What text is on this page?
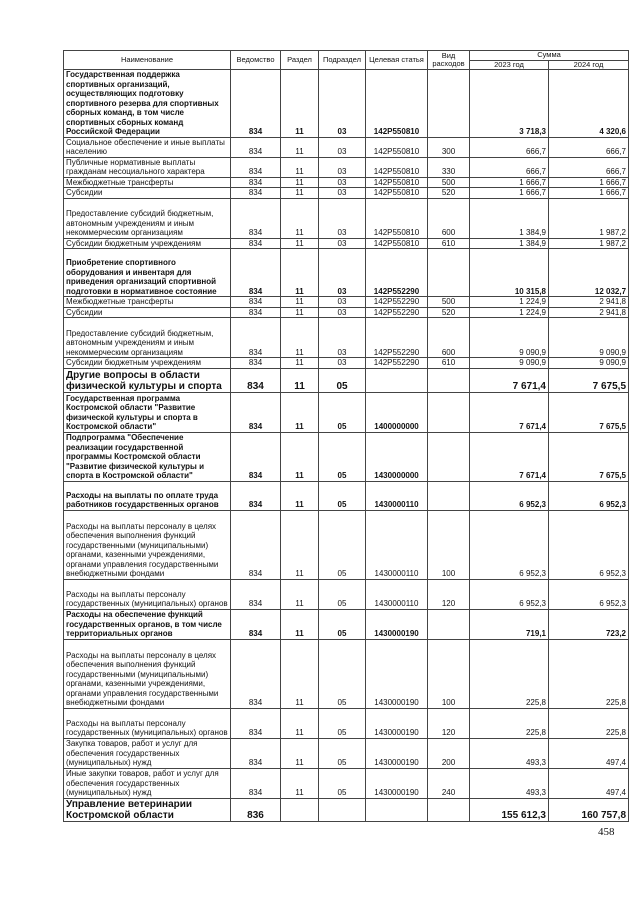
Наименование	Ведомство	Раздел	Подраздел	Целевая статья	Вид расходов	Сумма	
						2023 год	2024 год
Государственная поддержка спортивных организаций, осуществляющих подготовку спортивного резерва для спортивных сборных команд, в том числе спортивных сборных команд Российской Федерации	834	11	03	142P550810		3 718,3	4 320,6
Социальное обеспечение и иные выплаты населению	834	11	03	142P550810	300	666,7	666,7
Публичные нормативные выплаты гражданам несоциального характера	834	11	03	142P550810	330	666,7	666,7
Межбюджетные трансферты	834	11	03	142P550810	500	1 666,7	1 666,7
Субсидии	834	11	03	142P550810	520	1 666,7	1 666,7
Предоставление субсидий бюджетным, автономным учреждениям и иным некоммерческим организациям	834	11	03	142P550810	600	1 384,9	1 987,2
Субсидии бюджетным учреждениям	834	11	03	142P550810	610	1 384,9	1 987,2
Приобретение спортивного оборудования и инвентаря для приведения организаций спортивной подготовки в нормативное состояние	834	11	03	142P552290		10 315,8	12 032,7
Межбюджетные трансферты	834	11	03	142P552290	500	1 224,9	2 941,8
Субсидии	834	11	03	142P552290	520	1 224,9	2 941,8
Предоставление субсидий бюджетным, автономным учреждениям и иным некоммерческим организациям	834	11	03	142P552290	600	9 090,9	9 090,9
Субсидии бюджетным учреждениям	834	11	03	142P552290	610	9 090,9	9 090,9
Другие вопросы в области физической культуры и спорта	834	11	05			7 671,4	7 675,5
Государственная программа Костромской области "Развитие физической культуры и спорта в Костромской области"	834	11	05	1400000000		7 671,4	7 675,5
Подпрограмма "Обеспечение реализации государственной программы Костромской области "Развитие физической культуры и спорта в Костромской области"	834	11	05	1430000000		7 671,4	7 675,5
Расходы на выплаты по оплате труда работников государственных органов	834	11	05	1430000110		6 952,3	6 952,3
Расходы на выплаты персоналу в целях обеспечения выполнения функций государственными (муниципальными) органами, казенными учреждениями, органами управления государственными внебюджетными фондами	834	11	05	1430000110	100	6 952,3	6 952,3
Расходы на выплаты персоналу государственных (муниципальных) органов	834	11	05	1430000110	120	6 952,3	6 952,3
Расходы на обеспечение функций государственных органов, в том числе территориальных органов	834	11	05	1430000190		719,1	723,2
Расходы на выплаты персоналу в целях обеспечения выполнения функций государственными (муниципальными) органами, казенными учреждениями, органами управления государственными внебюджетными фондами	834	11	05	1430000190	100	225,8	225,8
Расходы на выплаты персоналу государственных (муниципальных) органов	834	11	05	1430000190	120	225,8	225,8
Закупка товаров, работ и услуг для обеспечения государственных (муниципальных) нужд	834	11	05	1430000190	200	493,3	497,4
Иные закупки товаров, работ и услуг для обеспечения государственных (муниципальных) нужд	834	11	05	1430000190	240	493,3	497,4
Управление ветеринарии Костромской области	836					155 612,3	160 757,8
458
